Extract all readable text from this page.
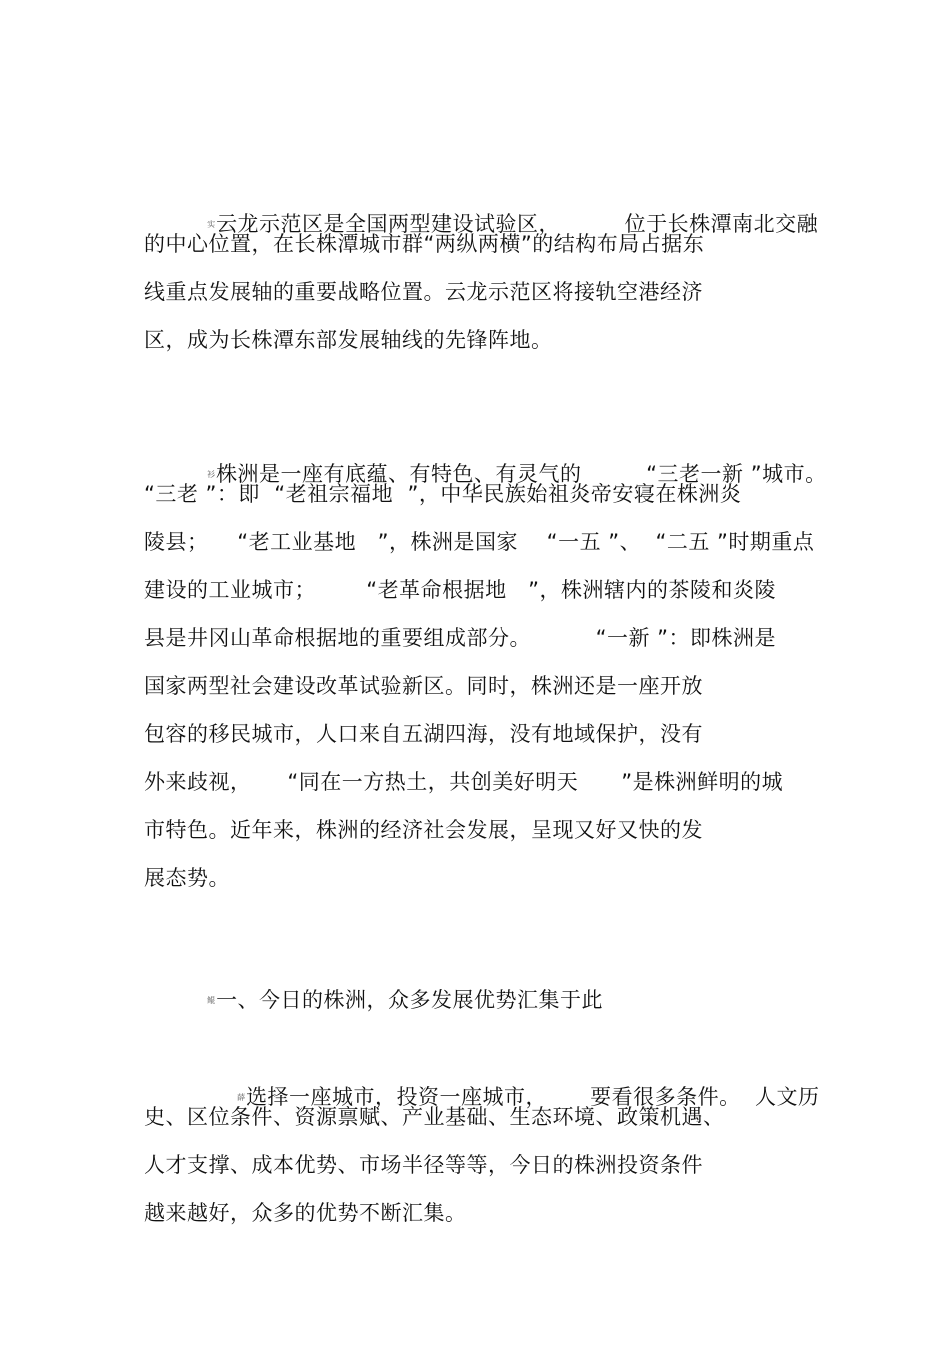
实云龙示范区是全国两型建设试验区，         位于长株潭南北交融

的中心位置，在长株潭城市群“两纵两横”的结构布局占据东
线重点发展轴的重要战略位置。云龙示范区将接轨空港经济
区，成为长株潭东部发展轴线的先锋阵地。

衫株洲是一座有底蕴、有特色、有灵气的         “三老一新 ”城市。

“三老 ”：即  “老祖宗福地  ”，中华民族始祖炎帝安寝在株洲炎
陵县；    “老工业基地   ”，株洲是国家    “一五 ”、  “二五 ”时期重点
建设的工业城市；       “老革命根据地   ”，株洲辖内的茶陵和炎陵
县是井冈山革命根据地的重要组成部分。         “一新 ”：即株洲是
国家两型社会建设改革试验新区。同时，株洲还是一座开放
包容的移民城市，人口来自五湖四海，没有地域保护，没有
外来歧视，     “同在一方热土，共创美好明天      ”是株洲鲜明的城
市特色。近年来，株洲的经济社会发展，呈现又好又快的发
展态势。

鲲一、今日的株洲，众多发展优势汇集于此

薛选择一座城市，投资一座城市，      要看很多条件。  人文历

史、区位条件、资源禀赋、产业基础、生态环境、政策机遇、
人才支撑、成本优势、市场半径等等，今日的株洲投资条件
越来越好，众多的优势不断汇集。
